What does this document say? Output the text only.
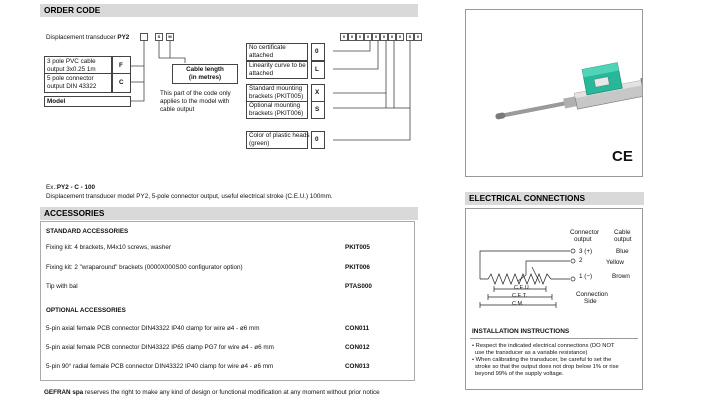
ORDER CODE
Displacement transducer PY2	S	M	0	0	0	X	0	0	0	0	S	0
3 pole PVC cable
output 3x0.25 1m
F
5 pole connector
output DIN 43322
C
Model
Cable length
(in metres)
This part of the code only
applies to the model with
cable output
No certificate
attached
0
Linearity curve to be
attached
L
Standard mounting
brackets (PKIT005)
X
Optional mounting
brackets (PKIT006)
S
Color of plastic heads
(green)
0
Ex.:PY2 - C - 100
Displacement transducer model PY2, 5-pole connector output, useful electrical stroke (C.E.U.) 100mm.
ACCESSORIES
STANDARD ACCESSORIES
Fixing kit: 4 brackets, M4x10 screws, washer	PKIT005
Fixing kit: 2 "wraparound" brackets (0000X000S00 configurator option)	PKIT006
Tip with bal	PTAS000
OPTIONAL ACCESSORIES
5-pin axial female PCB connector DIN43322 IP40 clamp for wire ø4 - ø6 mm	CON011
5-pin axial female PCB connector DIN43322 IP65 clamp PG7 for wire ø4 - ø6 mm	CON012
5-pin 90° radial female PCB connector DIN43322 IP40 clamp for wire ø4 - ø6 mm	CON013
GEFRAN spa reserves the right to make any kind of design or functional modification at any moment without prior notice
CE
ELECTRICAL CONNECTIONS
Connector
output
Cable
output
3 (+)	Blue
2	Yellow
1 (−)	Brown
C.E.U.
C.E.T.
C.M.
Connection
Side
INSTALLATION INSTRUCTIONS
• Respect the indicated electrical connections (DO NOT
use the transducer as a variable resistance)
• When calibrating the transducer, be careful to set the
stroke so that the output does not drop below 1% or rise
beyond 99% of the supply voltage.
